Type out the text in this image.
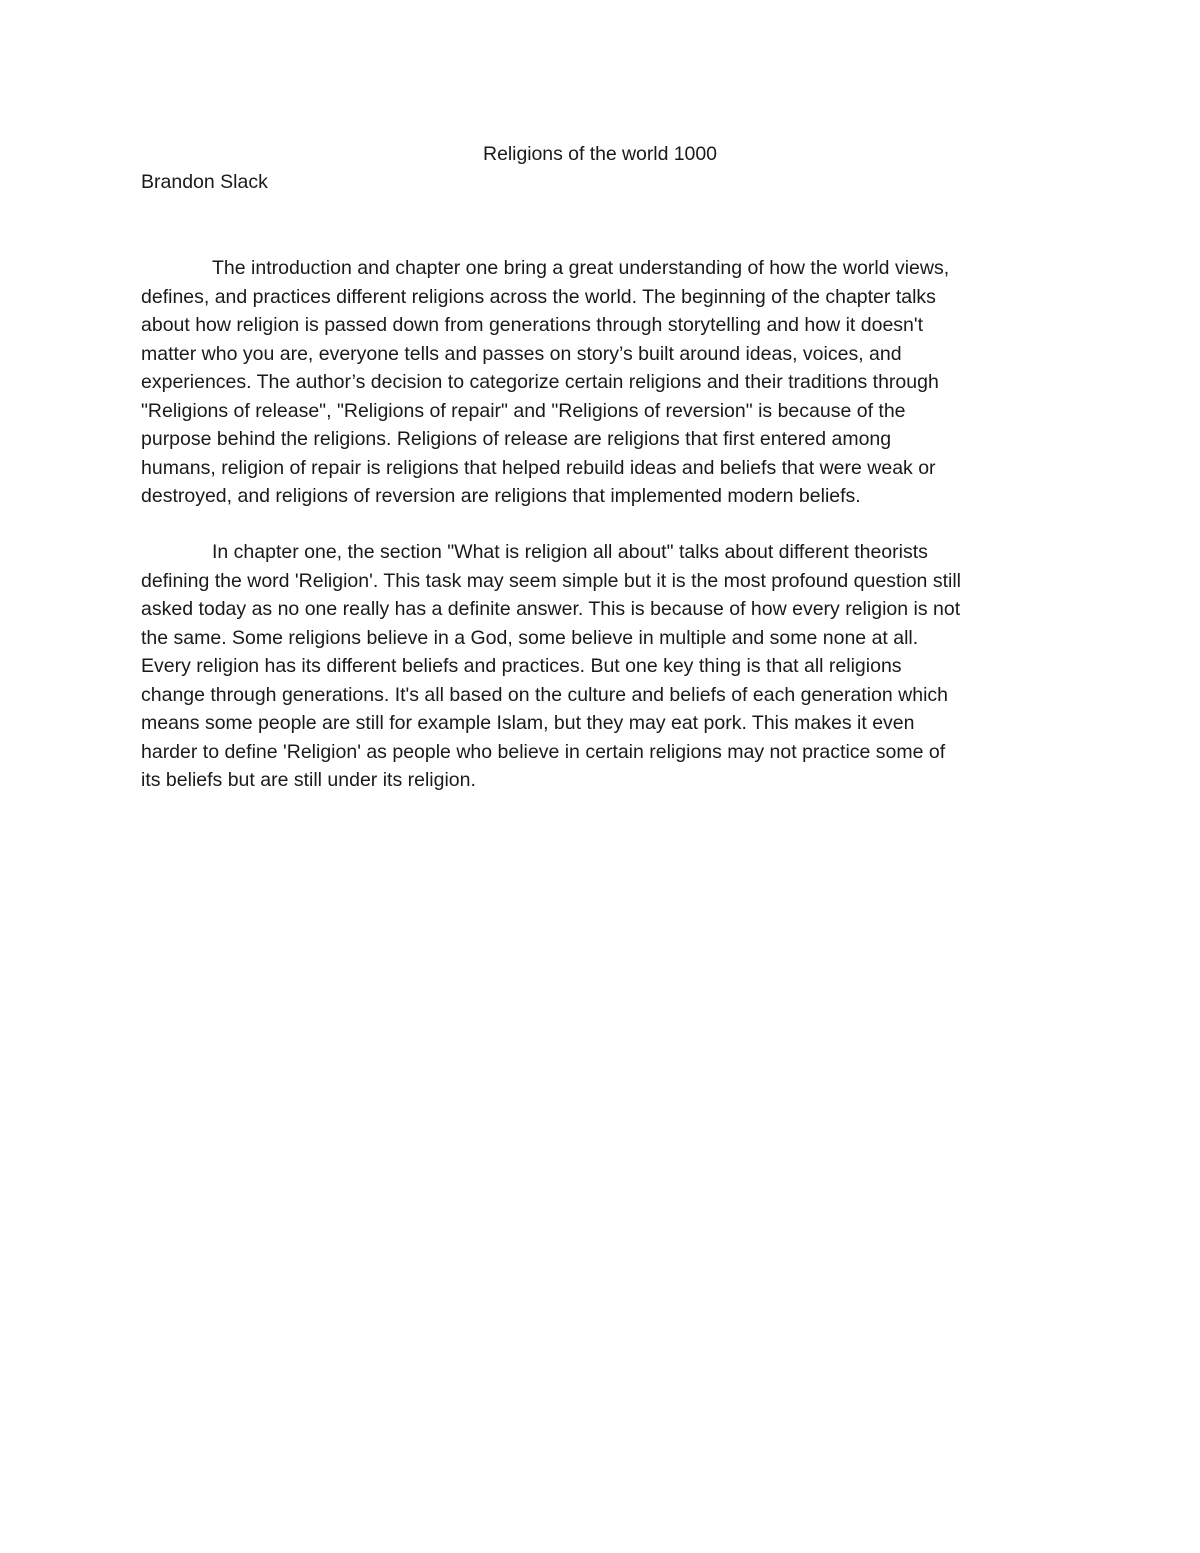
Religions of the world 1000
Brandon Slack
The introduction and chapter one bring a great understanding of how the world views,
defines, and practices different religions across the world. The beginning of the chapter talks
about how religion is passed down from generations through storytelling and how it doesn't
matter who you are, everyone tells and passes on story’s built around ideas, voices, and
experiences. The author’s decision to categorize certain religions and their traditions through
"Religions of release", "Religions of repair" and "Religions of reversion" is because of the
purpose behind the religions. Religions of release are religions that first entered among
humans, religion of repair is religions that helped rebuild ideas and beliefs that were weak or
destroyed, and religions of reversion are religions that implemented modern beliefs.
In chapter one, the section "What is religion all about" talks about different theorists
defining the word 'Religion'. This task may seem simple but it is the most profound question still
asked today as no one really has a definite answer. This is because of how every religion is not
the same. Some religions believe in a God, some believe in multiple and some none at all.
Every religion has its different beliefs and practices. But one key thing is that all religions
change through generations. It's all based on the culture and beliefs of each generation which
means some people are still for example Islam, but they may eat pork. This makes it even
harder to define 'Religion' as people who believe in certain religions may not practice some of
its beliefs but are still under its religion.
